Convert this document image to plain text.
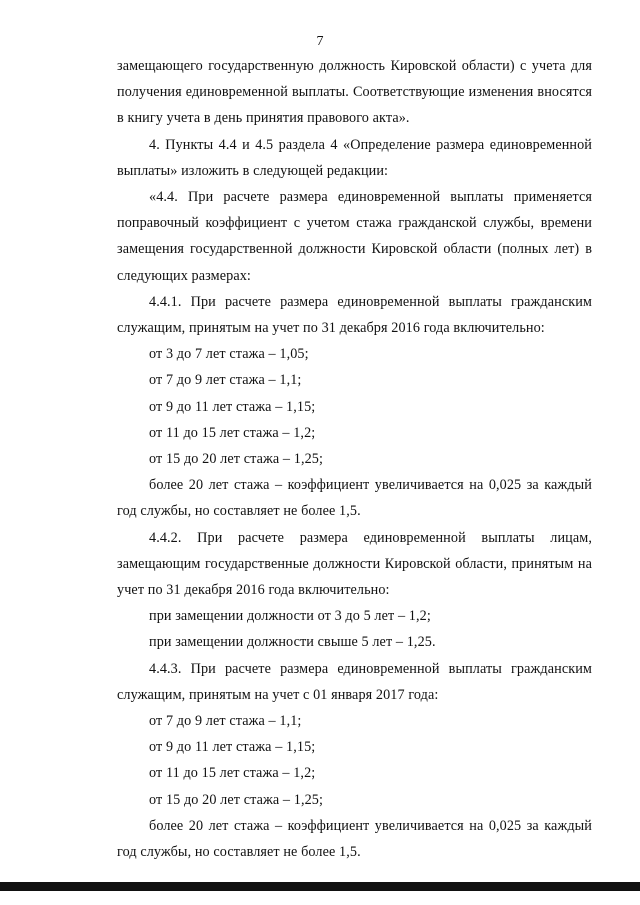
7

замещающего государственную должность Кировской области) с учета для получения единовременной выплаты. Соответствующие изменения вносятся в книгу учета в день принятия правового акта».

4. Пункты 4.4 и 4.5 раздела 4 «Определение размера единовременной выплаты» изложить в следующей редакции:

«4.4. При расчете размера единовременной выплаты применяется поправочный коэффициент с учетом стажа гражданской службы, времени замещения государственной должности Кировской области (полных лет) в следующих размерах:

4.4.1. При расчете размера единовременной выплаты гражданским служащим, принятым на учет по 31 декабря 2016 года включительно:

от 3 до 7 лет стажа – 1,05;

от 7 до 9 лет стажа – 1,1;

от 9 до 11 лет стажа – 1,15;

от 11 до 15 лет стажа – 1,2;

от 15 до 20 лет стажа – 1,25;

более 20 лет стажа – коэффициент увеличивается на 0,025 за каждый год службы, но составляет не более 1,5.

4.4.2. При расчете размера единовременной выплаты лицам, замещающим государственные должности Кировской области, принятым на учет по 31 декабря 2016 года включительно:

при замещении должности от 3 до 5 лет – 1,2;

при замещении должности свыше 5 лет – 1,25.

4.4.3. При расчете размера единовременной выплаты гражданским служащим, принятым на учет с 01 января 2017 года:

от 7 до 9 лет стажа – 1,1;

от 9 до 11 лет стажа – 1,15;

от 11 до 15 лет стажа – 1,2;

от 15 до 20 лет стажа – 1,25;

более 20 лет стажа – коэффициент увеличивается на 0,025 за каждый год службы, но составляет не более 1,5.
